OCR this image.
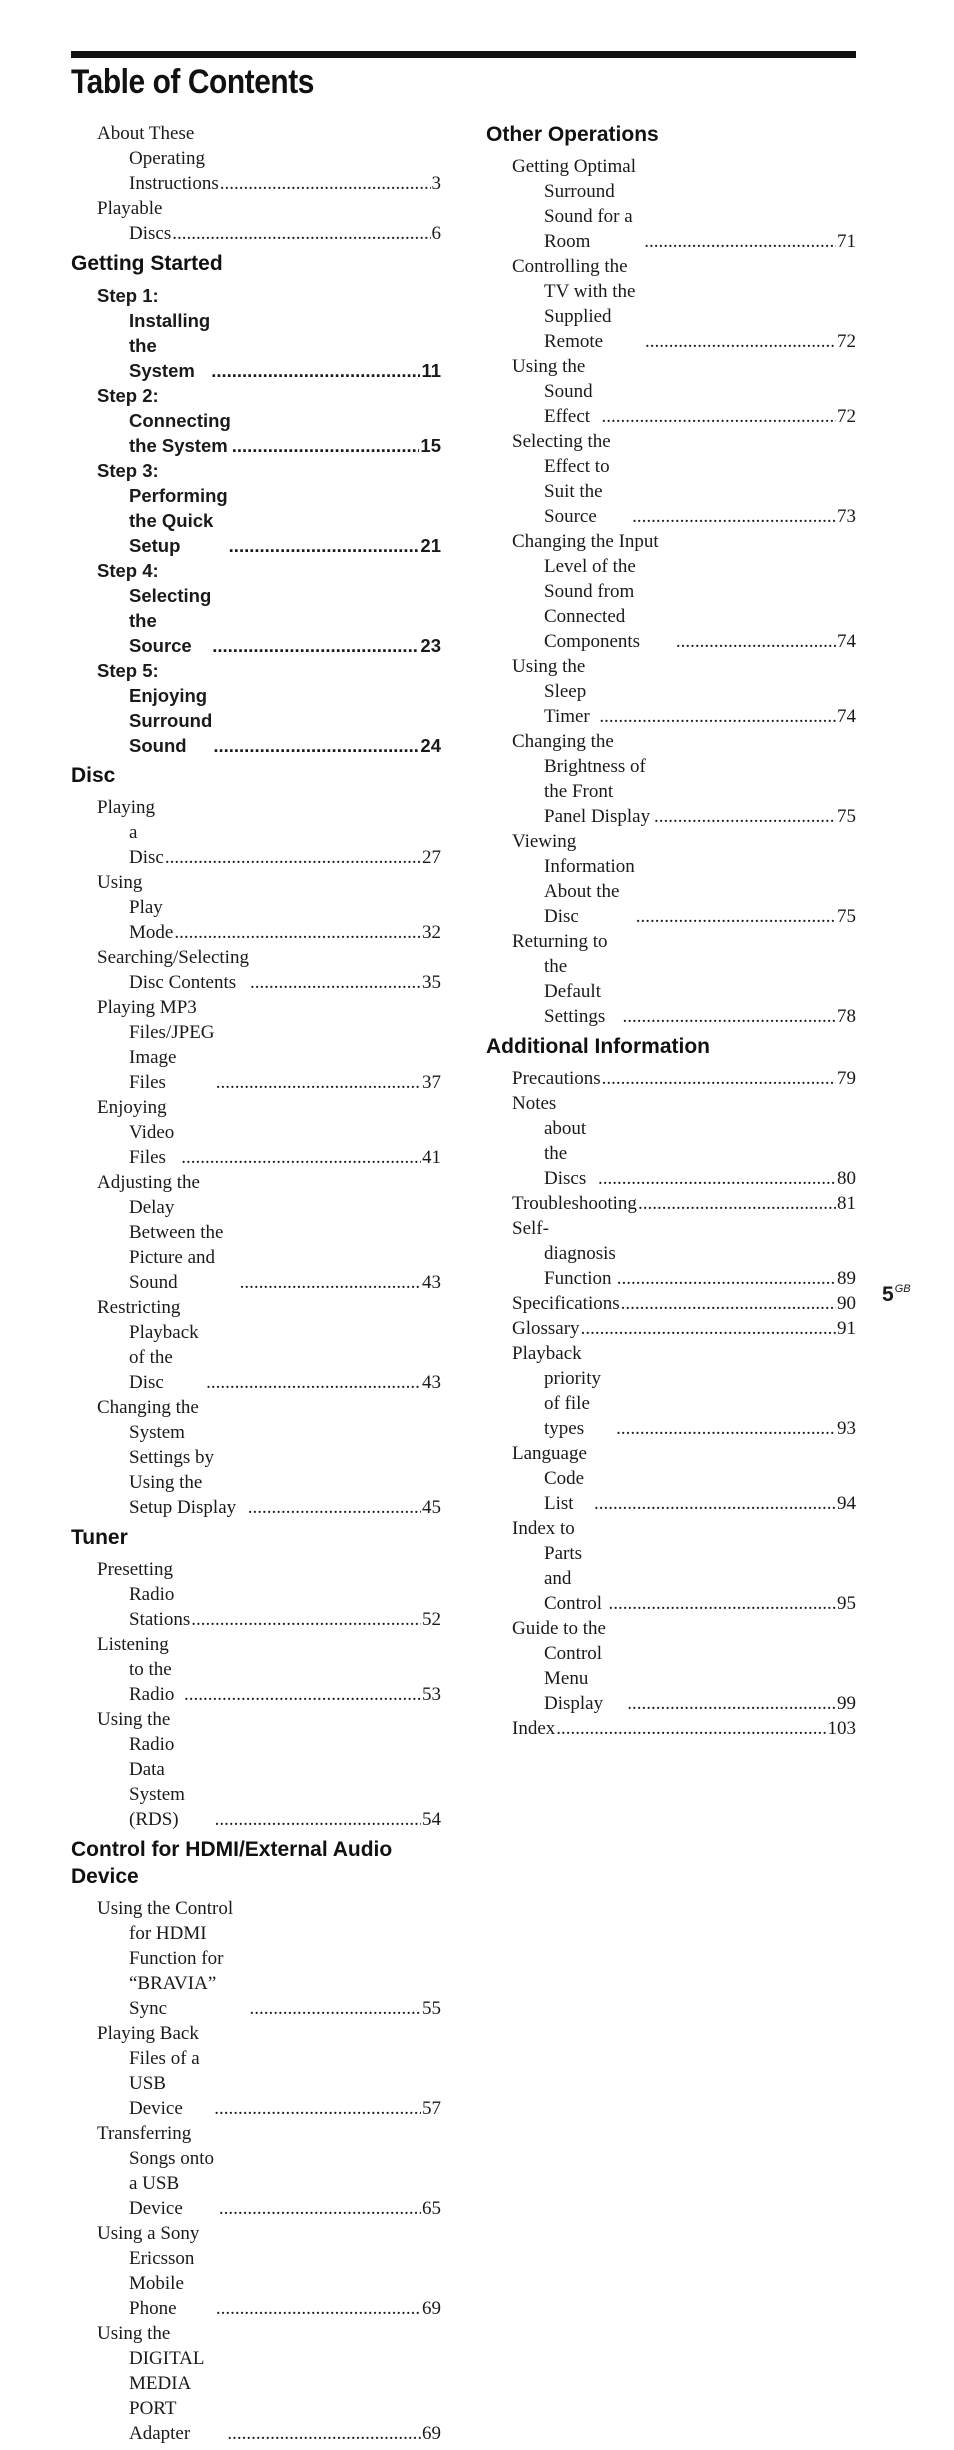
Table of Contents
About These Operating Instructions .....	3
Playable Discs .....	6
Getting Started
Step 1: Installing the System .....	11
Step 2: Connecting the System .....	15
Step 3: Performing the Quick Setup .....	21
Step 4: Selecting the Source .....	23
Step 5: Enjoying Surround Sound .....	24
Disc
Playing a Disc .....	27
Using Play Mode .....	32
Searching/Selecting Disc Contents .....	35
Playing MP3 Files/JPEG Image Files .....	37
Enjoying Video Files .....	41
Adjusting the Delay Between the Picture and Sound .....	43
Restricting Playback of the Disc .....	43
Changing the System Settings by Using the Setup Display .....	45
Tuner
Presetting Radio Stations .....	52
Listening to the Radio .....	53
Using the Radio Data System (RDS) .....	54
Control for HDMI/External Audio Device
Using the Control for HDMI Function for “BRAVIA” Sync .....	55
Playing Back Files of a USB Device .....	57
Transferring Songs onto a USB Device .....	65
Using a Sony Ericsson Mobile Phone .....	69
Using the DIGITAL MEDIA PORT Adapter .....	69
Other Operations
Getting Optimal Surround Sound for a Room .....	71
Controlling the TV with the Supplied Remote .....	72
Using the Sound Effect .....	72
Selecting the Effect to Suit the Source .....	73
Changing the Input Level of the Sound from Connected Components .....	74
Using the Sleep Timer .....	74
Changing the Brightness of the Front Panel Display .....	75
Viewing Information About the Disc .....	75
Returning to the Default Settings .....	78
Additional Information
Precautions .....	79
Notes about the Discs .....	80
Troubleshooting .....	81
Self-diagnosis Function .....	89
Specifications .....	90
Glossary .....	91
Playback priority of file types .....	93
Language Code List .....	94
Index to Parts and Control .....	95
Guide to the Control Menu Display .....	99
Index .....	103
$5^{GB}$
